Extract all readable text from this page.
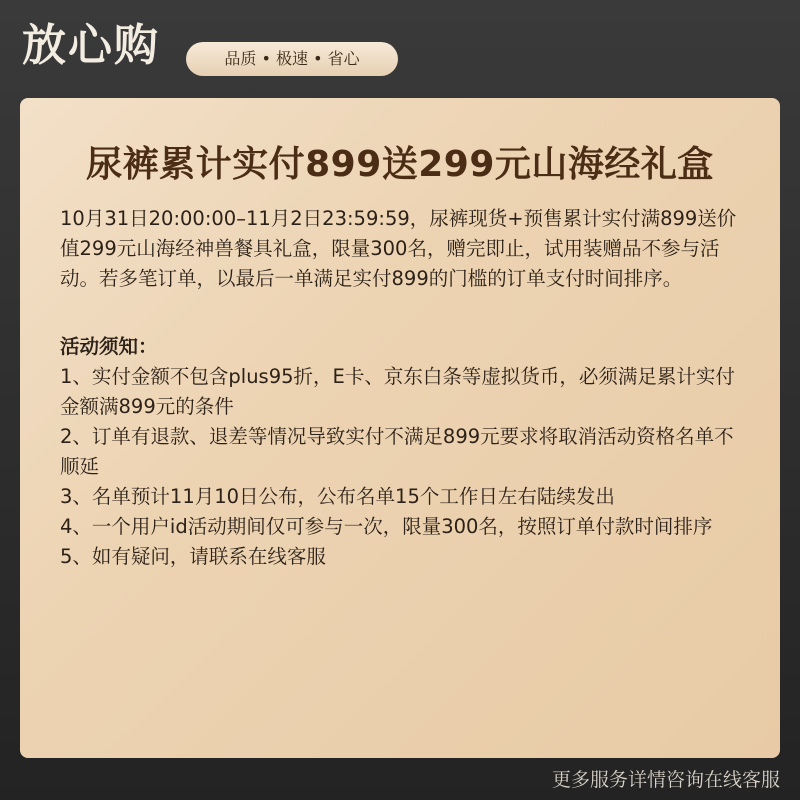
放心购	品质 • 极速 • 省心
尿裤累计实付899送299元山海经礼盒

10月31日20:00:00–11月2日23:59:59，尿裤现货+预售累计实付满899送价值299元山海经神兽餐具礼盒，限量300名，赠完即止，试用装赠品不参与活动。若多笔订单，以最后一单满足实付899的门槛的订单支付时间排序。

活动须知：

1、实付金额不包含plus95折，E卡、京东白条等虚拟货币，必须满足累计实付金额满899元的条件

2、订单有退款、退差等情况导致实付不满足899元要求将取消活动资格名单不顺延

3、名单预计11月10日公布，公布名单15个工作日左右陆续发出

4、一个用户id活动期间仅可参与一次，限量300名，按照订单付款时间排序

5、如有疑问，请联系在线客服

更多服务详情咨询在线客服
